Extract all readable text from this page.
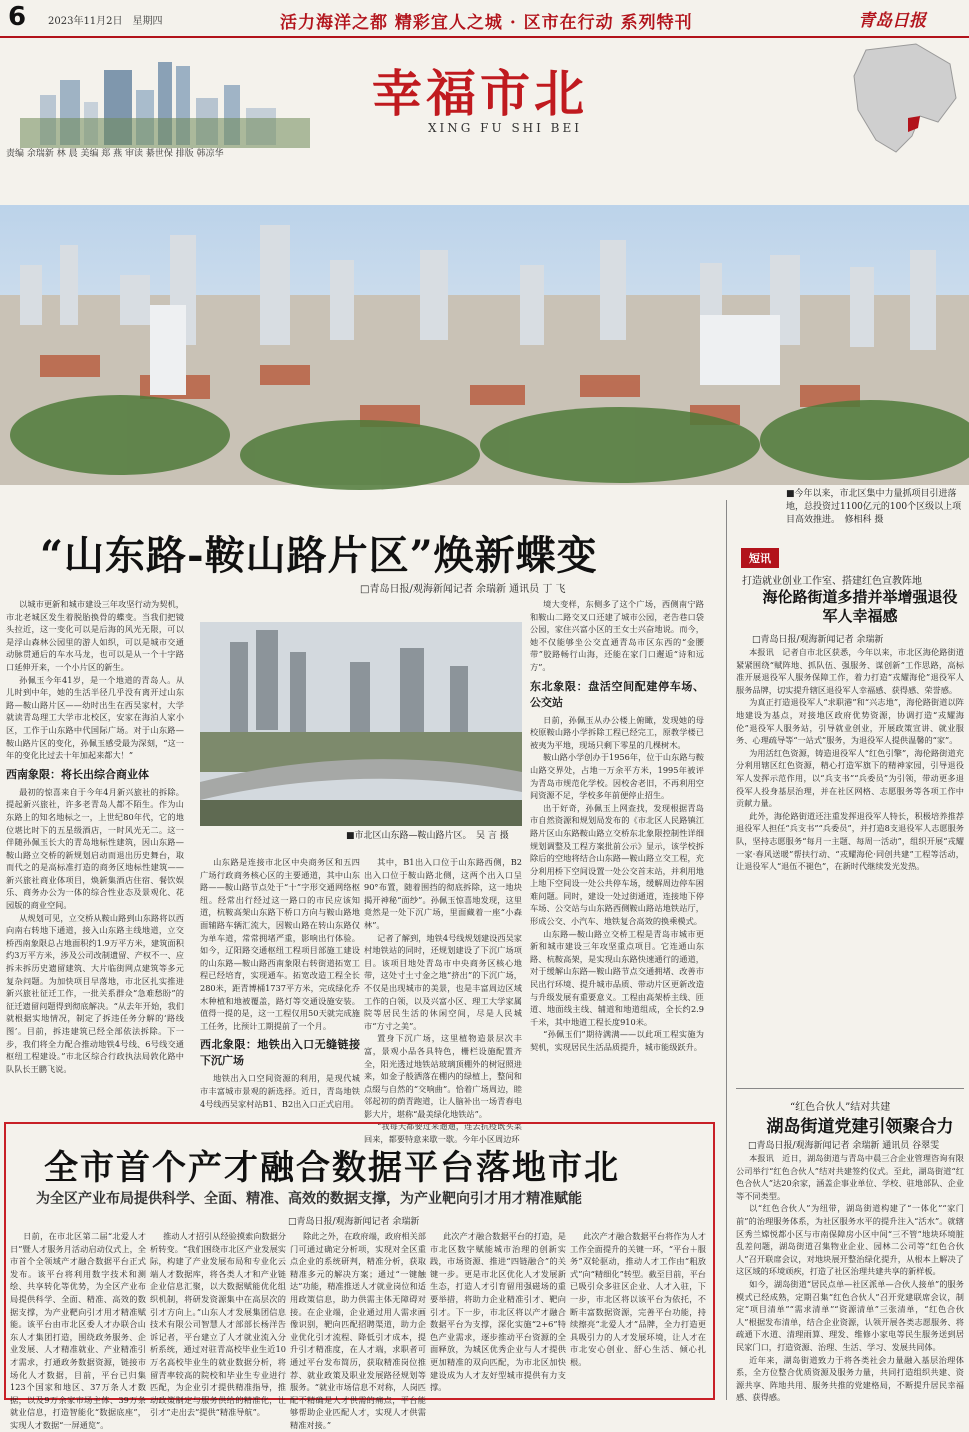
6 2023年11月2日　星期四	活力海洋之都 精彩宜人之城 · 区市在行动 系列特刊	青岛日报
幸福市北
XING FU SHI BEI
责编 余瑞新 林 晨 美编 郑 燕 审读 綦世保 排版 韩凉华
■今年以来，市北区集中力量抓项目引进落地，总投资过1100亿元的100个区级以上项目高效推进。　修相科 摄
“山东路-鞍山路片区”焕新蝶变
□青岛日报/观海新闻记者 余瑞新 通讯员 丁 飞
以城市更新和城市建设三年攻坚行动为契机，市北老城区发生着脱胎换骨的蝶变。当我们把镜头拉近，这一变化可以是后海的风光无限，可以是浮山森林公园里的游人如织，可以是城市交通动脉贯通后的车水马龙，也可以是从一个十字路口延伸开来，一个小片区的新生。
孙佩玉今年41岁，是一个地道的青岛人。从儿时到中年，她的生活半径几乎没有离开过山东路—鞍山路片区——幼时出生在西吴家村，大学就读青岛理工大学市北校区，安家在海泊人家小区，工作于山东路中代国际广场。对于山东路—鞍山路片区的变化，孙佩玉感受最为深刻，“这一年的变化比过去十年加起来都大！”
西南象限：将长出综合商业体
最初的惊喜来自于今年4月新兴旅社的拆除。提起新兴旅社，许多老青岛人都不陌生。作为山东路上的知名地标之一，上世纪80年代，它的地位堪比时下的五星级酒店，一时风光无二。这一伴随孙佩玉长大的青岛地标性建筑，因山东路—鞍山路立交桥的新规划启动而退出历史舞台，取而代之的是高标准打造的商务区地标性建筑——新兴旅社商业体项目，焕新集酒店住宿、餐饮娱乐、商务办公为一体的综合性业态及景观化、花园版的商业空间。
从规划可见，立交桥从鞍山路到山东路将以西向南右转地下通道，接入山东路主线地道，立交桥西南象限总占地面积约1.9万平方米，建筑面积约3万平方米，涉及公司改制遗留、产权不一、应拆未拆历史遗留建筑、大片临街网点建筑等多元复杂问题。为加快项目早落地，市北区扎实推进新兴旅社征迁工作，一批关系群众“急难愁盼”的征迁遗留问题得到彻底解决。“从去年开始，我们就根据实地情况，制定了拆违任务分解的‘路线图’。目前，拆违建筑已经全部依法拆除。下一步，我们将全力配合推动地铁4号线、6号线交通枢纽工程建设。”市北区综合行政执法局敦化路中队队长王鹏飞说。
■市北区山东路—鞍山路片区。　吴 言 摄
山东路是连接市北区中央商务区和五四广场行政商务核心区的主要通道，其中山东路——鞍山路节点处于“十”字形交通网络枢纽。经常出行经过这一路口的市民应该知道，杭鞍高架山东路下桥口方向与鞍山路地面辅路车辆汇流大，因鞍山路在转山东路仅为单车道，常常拥堵严重，影响出行体验。如今，辽阳路交通枢纽工程项目部施工建设的山东路—鞍山路西南象限右转街道拓宽工程已经培育，实现通车。拓宽改造工程全长280米，距青博桶1737平方米，完成绿化乔木种植和地被覆盖，路灯等交通设施安装。值得一提的是，这一工程仅用50天就完成施工任务，比预计工期提前了一个月。
西北象限：地铁出入口无缝链接下沉广场
地铁出入口空间资源的利用，是现代城市丰富城市景观的新选择。近日，青岛地铁4号线西吴家村站B1、B2出入口正式启用。
其中，B1出入口位于山东路西侧，B2出入口位于鞍山路北侧，这两个出入口呈90°布置，随着围挡的彻底拆除，这一地块揭开神秘“面纱”。孙佩玉惊喜地发现，这里竟然是一处下沉广场，里面藏着一座“小森林”。
记者了解到，地铁4号线规划建设西吴家村地铁站的同时，还规划建设了下沉广场项目。该项目地处青岛市中央商务区核心地带，这处寸土寸金之地“挤出”的下沉广场，不仅是出现城市的美景，也是丰富周边区域工作的白领，以及兴富小区、理工大学家属院等居民生活的休闲空间，尽是人民城市“方寸之美”。
置身下沉广场，这里植物造景层次丰富，景观小品各具特色，栅栏设施配置齐全，阳光透过地铁站玻璃顶棚外的树冠照进来，如金子般洒落在棚内的绿植上，整间和点缀与自然的“交响曲”。恰着广场周边，睦邻起初的荫青跑道，让人脑补出一场青春电影大片，堪称“最美绿化地铁站”。
“我每天都要过来遛遛，连去抗疫既买菜回来，都要特意来歇一歇。今年小区周边环
境大变样，东侧多了这个广场，西侧南宁路和鞍山二路交叉口还建了城市公园，老告巷口袋公园，家住兴富小区的王女士兴奋地说。而今，她不仅能够坐公交直通青岛市区东西的“金腰带”胶路畅行山海，还能在家门口邂逅“诗和远方”。
东北象限：盘活空间配建停车场、公交站
日前，孙佩玉从办公楼上俯瞰，发现她的母校原鞍山路小学拆除工程已经完工，原教学楼已被夷为平地，现场只剩下零星的几棵树木。
鞍山路小学创办于1956年，位于山东路与鞍山路交界处，占地一万余平方米，1995年被评为青岛市规范化学校。因校舍老旧，不再利用空间资源不足，学校多年前便停止招生。
出于好奇，孙佩玉上网查找，发现根据青岛市自然资源和规划局发布的《市北区人民路镇江路片区山东路鞍山路立交桥东北象限控制性详细规划调整及工程方案批前公示》显示，该学校拆除后的空地将结合山东路—鞍山路立交工程，充分利用桥下空间设置一处公交首末站，并利用地上地下空间设一处公共停车场，缓解周边停车困难问题。同时，建设一处过街通道，连接地下停车场、公交站与山东路西侧鞍山路站地铁站厅，形成公交、小汽车、地铁复合高效的换乘模式。
山东路—鞍山路立交桥工程是青岛市城市更新和城市建设三年攻坚重点项目。它连通山东路、杭鞍高架，是实现山东路快速通行的通道，对于缓解山东路—鞍山路节点交通拥堵、改善市民出行环境、提升城市品质、带动片区更新改造与升级发展有重要意义。工程由高架桥主线、匝道、地面线主线、辅道和地道组成，全长约2.9千米，其中地道工程长度910米。
“孙佩玉们”期待满满——以此项工程实施为契机，实现居民生活品质提升，城市能级跃升。
短讯
打造就业创业工作室、搭建红色宣教阵地
海伦路街道多措并举增强退役军人幸福感
□青岛日报/观海新闻记者 余瑞新
本报讯　记者自市北区获悉，今年以来，市北区海伦路街道紧紧围绕“赋阵地、抓队伍、强服务、谋创新”工作思路，高标准开展退役军人服务保障工作，着力打造“戎耀海伦”退役军人服务品牌，切实提升辖区退役军人幸福感、获得感、荣誉感。
为真正打造退役军人“求职港”和“兴志地”，海伦路街道以阵地建设为基点，对接地区政府优势资源，协调打造“戎耀海伦”退役军人服务站，引导就业创业，开展政策宣讲、就业服务、心理疏导等“一站式”服务，为退役军人提供温馨的“家”。
为用活红色资源，铸造退役军人“红色引擎”，海伦路街道充分利用辖区红色资源，精心打造军旗下的精神家园，引导退役军人发挥示范作用，以“兵支书”“兵委员”为引领，带动更多退役军人投身基层治理，并在社区网格、志愿服务等各项工作中贡献力量。
此外，海伦路街道还注重发挥退役军人特长，积极培养推荐退役军人担任“兵支书”“兵委员”，并打造8支退役军人志愿服务队，坚持志愿服务“每月一主题、每周一活动”，组织开展“戎耀一家·春风送暖”帮扶行动、“戎耀海伦·同创共建”工程等活动，让退役军人“退伍不褪色”，在新时代继续发光发热。
“红色合伙人”结对共建
湖岛街道党建引领聚合力
□青岛日报/观海新闻记者 余瑞新 通讯员 谷翠雯
本报讯　近日，湖岛街道与青岛中晨三合企业管理咨询有限公司举行“红色合伙人”结对共建签约仪式。至此，湖岛街道“红色合伙人”达20余家，涵盖企事业单位、学校、驻地部队、企业等不同类型。
以“红色合伙人”为纽带，湖岛街道构建了“一体化”“家门前”的治理服务体系，为社区服务水平的提升注入“活水”。就辖区秀兰嫦悦都小区与市南保障房小区中间“三不管”地块环境脏乱差问题，湖岛街道召集物业企业、园林二公司等“红色合伙人”召开联席会议，对地块展开整治绿化提升，从根本上解决了这区域的环境顽疾，打造了社区治理共建共享的新样板。
如今，湖岛街道“居民点单—社区派单—合伙人接单”的服务模式已经成熟，定期召集“红色合伙人”召开党建联席会议，制定“项目清单”“需求清单”“资源清单”三张清单，“红色合伙人”根据发布清单，结合企业资源，认领开展各类志愿服务、将疏通下水道、清理雨算、理发、维修小家电等民生服务送到居民家门口，打造资源、治理、生活、学习、发展共同体。
近年来，湖岛街道致力于将各类社会力量融入基层治理体系，全方位整合优质资源及服务力量，共同打造组织共建、资源共享、阵地共用、服务共推的党建格局，不断提升居民幸福感、获得感。
全市首个产才融合数据平台落地市北
为全区产业布局提供科学、全面、精准、高效的数据支撑，为产业靶向引才用才精准赋能
□青岛日报/观海新闻记者 余瑞新
日前，在市北区第二届“北爱人才日”暨人才服务月活动启动仪式上，全市首个全领域产才融合数据平台正式发布。该平台将利用数字技术和测绘、共享转化等优势，为全区产业布局提供科学、全面、精准、高效的数据支撑，为产业靶向引才用才精准赋能。该平台由市北区委人才办联合山东人才集团打造，围绕政务服务、企业发展、人才精准就业、产业精准引才需求，打通政务数据资源，链接市场化人才数据，目前，平台已归集123个国家和地区、37万条人才数据，以及9万余家市场主体、39万条就业信息，打造智能化“数据底座”，实现人才数据“一屏通览”。
推动人才招引从经验摸索向数据分析转变。“我们围绕市北区产业发展实际，构建了产业发展布局和专业化云端人才数据库，将各类人才和产业链企业信息汇聚，以大数据赋能优化组织机制，将研发资源集中在高层次的引才方向上。”山东人才发展集团信息技术有限公司智慧人才部部长杨洋告诉记者，平台建立了人才就业流入分析系统，通过对驻青高校毕业生近10万名高校毕业生的就业数据分析，将留青率较高的院校和毕业生专业进行匹配，为企业引才提供精准指导，推动政策制定与服务供给的精准化，让引才“走出去”提供“精准导航”。
除此之外，在政府端，政府相关部门可通过确定分析项，实现对全区重点企业的系统研判，精准分析，获取精准多元的解决方案；通过“一键触达”功能，精准推送人才就业岗位和适用政策信息，助力供需主体无障碍对接。在企业端，企业通过用人需求画像识别，靶向匹配招聘渠道，助力企业优化引才流程、降低引才成本，提升引才精准度，在人才端，求职者可通过平台发布简历，获取精准岗位推荐、就业政策及职业发展路径规划等服务。“就业市场信息不对称，人岗匹配不精确是人才供需的痛点，平台能够帮助企业匹配人才，实现人才供需精准对接。”
此次产才融合数据平台的打造，是市北区数字赋能城市治理的创新实践，市场资源、推进“四链融合”的关键一步。更是市北区优化人才发展新生态，打造人才引育留用强磁场的重要举措，将助力企业精准引才、靶向引才。下一步，市北区将以产才融合数据平台为支撑，深化实施“2+6”特色产业需求，逐步推动平台资源的全面释放，为城区优秀企业与人才提供更加精准的双向匹配，为市北区加快建设成为人才友好型城市提供有力支撑。
此次产才融合数据平台将作为人才工作全面提升的关键一环，“平台＋服务”双轮驱动，推动人才工作由“粗放式”向“精细化”转型。截至目前，平台已吸引众多驻区企业、人才入驻，下一步，市北区将以该平台为依托，不断丰富数据资源，完善平台功能，持续擦亮“北爱人才”品牌，全力打造更具吸引力的人才发展环境，让人才在市北安心创业、舒心生活、倾心扎根。
